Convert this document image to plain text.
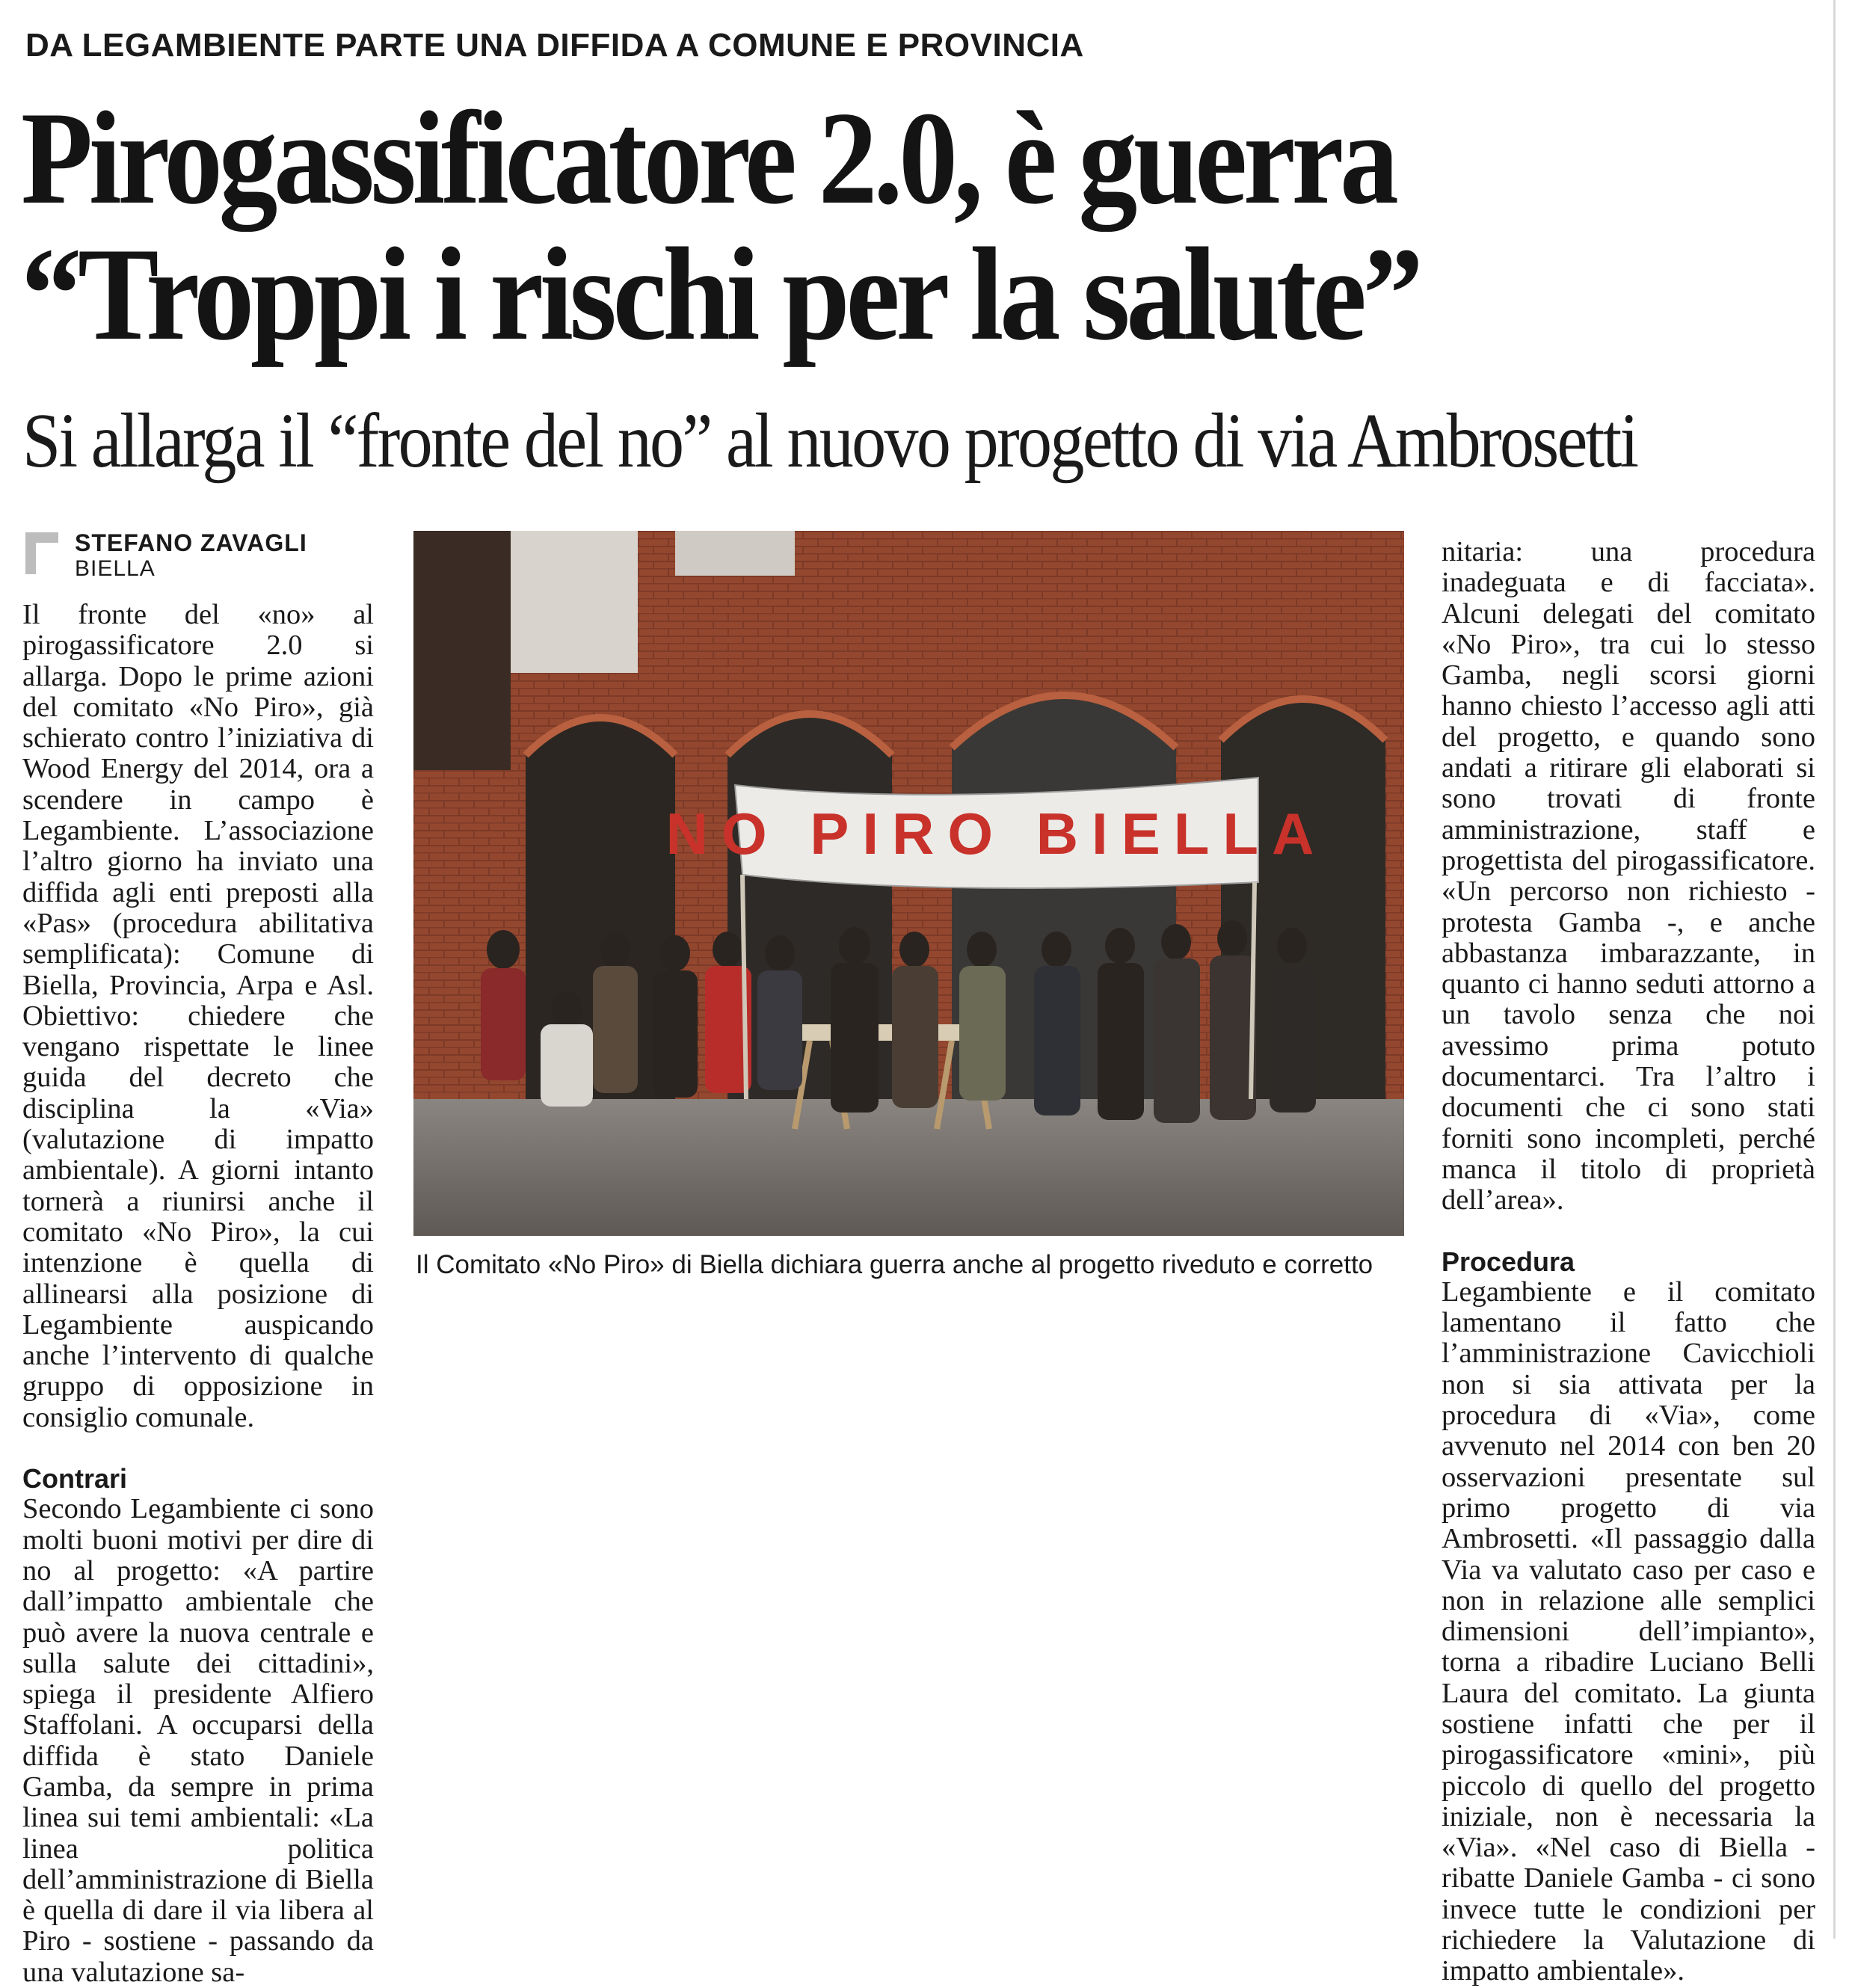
DA LEGAMBIENTE PARTE UNA DIFFIDA A COMUNE E PROVINCIA
Pirogassificatore 2.0, è guerra
“Troppi i rischi per la salute”
Si allarga il “fronte del no” al nuovo progetto di via Ambrosetti
STEFANO ZAVAGLI
BIELLA

Il fronte del «no» al pirogassificatore 2.0 si allarga. Dopo le prime azioni del comitato «No Piro», già schierato contro l’iniziativa di Wood Energy del 2014, ora a scendere in campo è Legambiente. L’associazione l’altro giorno ha inviato una diffida agli enti preposti alla «Pas» (procedura abilitativa semplificata): Comune di Biella, Provincia, Arpa e Asl. Obiettivo: chiedere che vengano rispettate le linee guida del decreto che disciplina la «Via» (valutazione di impatto ambientale). A giorni intanto tornerà a riunirsi anche il comitato «No Piro», la cui intenzione è quella di allinearsi alla posizione di Legambiente auspicando anche l’intervento di qualche gruppo di opposizione in consiglio comunale.

Contrari

Secondo Legambiente ci sono molti buoni motivi per dire di no al progetto: «A partire dall’impatto ambientale che può avere la nuova centrale e sulla salute dei cittadini», spiega il presidente Alfiero Staffolani. A occuparsi della diffida è stato Daniele Gamba, da sempre in prima linea sui temi ambientali: «La linea politica dell’amministrazione di Biella è quella di dare il via libera al Piro - sostiene - passando da una valutazione sa-

NO PIRO BIELLA
Il Comitato «No Piro» di Biella dichiara guerra anche al progetto riveduto e corretto

nitaria: una procedura inadeguata e di facciata». Alcuni delegati del comitato «No Piro», tra cui lo stesso Gamba, negli scorsi giorni hanno chiesto l’accesso agli atti del progetto, e quando sono andati a ritirare gli elaborati si sono trovati di fronte amministrazione, staff e progettista del pirogassificatore. «Un percorso non richiesto - protesta Gamba -, e anche abbastanza imbarazzante, in quanto ci hanno seduti attorno a un tavolo senza che noi avessimo prima potuto documentarci. Tra l’altro i documenti che ci sono stati forniti sono incompleti, perché manca il titolo di proprietà dell’area».

Procedura

Legambiente e il comitato lamentano il fatto che l’amministrazione Cavicchioli non si sia attivata per la procedura di «Via», come avvenuto nel 2014 con ben 20 osservazioni presentate sul primo progetto di via Ambrosetti. «Il passaggio dalla Via va valutato caso per caso e non in relazione alle semplici dimensioni dell’impianto», torna a ribadire Luciano Belli Laura del comitato. La giunta sostiene infatti che per il pirogassificatore «mini», più piccolo di quello del progetto iniziale, non è necessaria la «Via». «Nel caso di Biella - ribatte Daniele Gamba - ci sono invece tutte le condizioni per richiedere la Valutazione di impatto ambientale».
